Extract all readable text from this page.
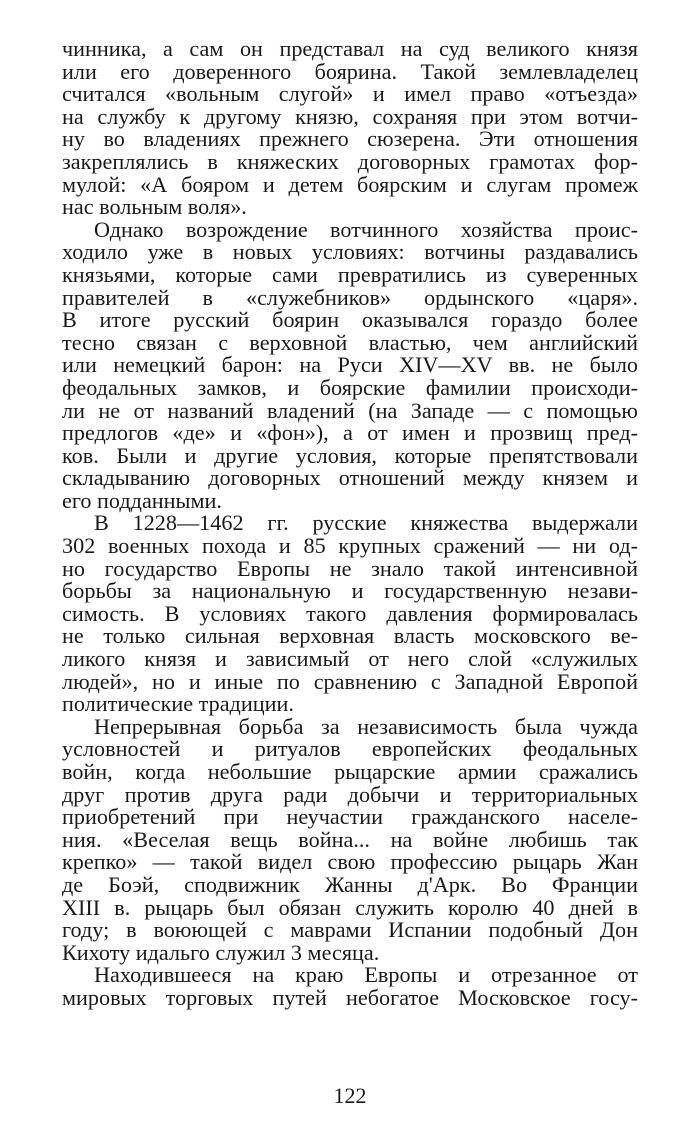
чинника, а сам он представал на суд великого князя
или его доверенного боярина. Такой землевладелец
считался «вольным слугой» и имел право «отъезда»
на службу к другому князю, сохраняя при этом вотчи-
ну во владениях прежнего сюзерена. Эти отношения
закреплялись в княжеских договорных грамотах фор-
мулой: «А бояром и детем боярским и слугам промеж
нас вольным воля».
Однако возрождение вотчинного хозяйства проис-
ходило уже в новых условиях: вотчины раздавались
князьями, которые сами превратились из суверенных
правителей в «служебников» ордынского «царя».
В итоге русский боярин оказывался гораздо более
тесно связан с верховной властью, чем английский
или немецкий барон: на Руси XIV—XV вв. не было
феодальных замков, и боярские фамилии происходи-
ли не от названий владений (на Западе — с помощью
предлогов «де» и «фон»), а от имен и прозвищ пред-
ков. Были и другие условия, которые препятствовали
складыванию договорных отношений между князем и
его подданными.
В 1228—1462 гг. русские княжества выдержали
302 военных похода и 85 крупных сражений — ни од-
но государство Европы не знало такой интенсивной
борьбы за национальную и государственную незави-
симость. В условиях такого давления формировалась
не только сильная верховная власть московского ве-
ликого князя и зависимый от него слой «служилых
людей», но и иные по сравнению с Западной Европой
политические традиции.
Непрерывная борьба за независимость была чужда
условностей и ритуалов европейских феодальных
войн, когда небольшие рыцарские армии сражались
друг против друга ради добычи и территориальных
приобретений при неучастии гражданского населе-
ния. «Веселая вещь война... на войне любишь так
крепко» — такой видел свою профессию рыцарь Жан
де Боэй, сподвижник Жанны д'Арк. Во Франции
XIII в. рыцарь был обязан служить королю 40 дней в
году; в воюющей с маврами Испании подобный Дон
Кихоту идальго служил 3 месяца.
Находившееся на краю Европы и отрезанное от
мировых торговых путей небогатое Московское госу-
122
